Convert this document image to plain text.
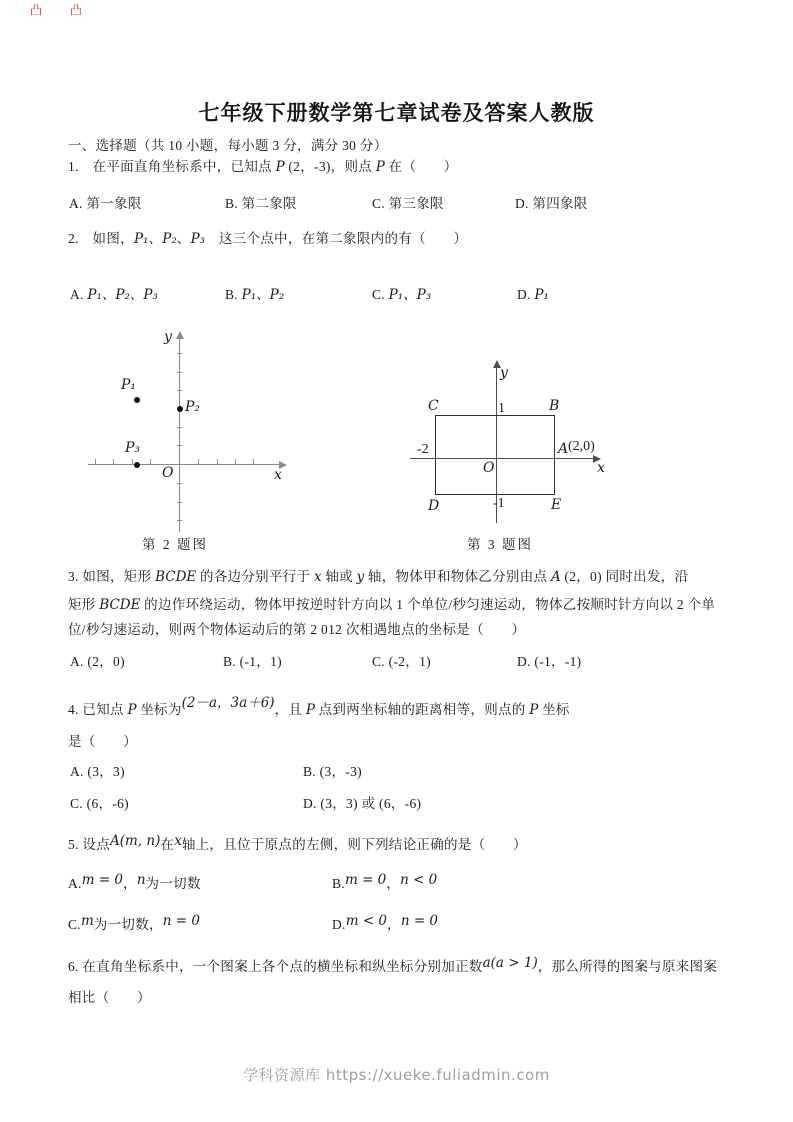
凸 凸
七年级下册数学第七章试卷及答案人教版
一、选择题（共 10 小题，每小题 3 分，满分 30 分）
1.　在平面直角坐标系中，已知点 P (2，-3)，则点 P 在（　　）
A. 第一象限	B. 第二象限	C. 第三象限	D. 第四象限
2.　如图，P₁、P₂、P₃　这三个点中，在第二象限内的有（　　）
A. P₁、P₂、P₃	B. P₁、P₂	C. P₁、P₃	D. P₁
y
x
O
P₁
P₂
P₃
第 2 题图
y
x
O
C	B
D	E
1
-1
-2	A (2,0)
第 3 题图
3. 如图，矩形 BCDE 的各边分别平行于 x 轴或 y 轴，物体甲和物体乙分别由点 A (2，0) 同时出发，沿
矩形 BCDE 的边作环绕运动，物体甲按逆时针方向以 1 个单位/秒匀速运动，物体乙按顺时针方向以 2 个单
位/秒匀速运动，则两个物体运动后的第 2 012 次相遇地点的坐标是（　　）
A. (2，0)	B. (-1，1)	C. (-2，1)	D. (-1，-1)
4. 已知点 P 坐标为(2－a，3a＋6)，且 P 点到两坐标轴的距离相等，则点的 P 坐标
是（　　）
A. (3，3)	B. (3，-3)
C. (6，-6)	D. (3，3) 或 (6，-6)
5. 设点A(m, n)在x轴上，且位于原点的左侧，则下列结论正确的是（　　）
A.m = 0，n为一切数	B.m = 0，n < 0
C.m为一切数，n = 0	D.m < 0，n = 0
6. 在直角坐标系中，一个图案上各个点的横坐标和纵坐标分别加正数a(a > 1)，那么所得的图案与原来图案
相比（　　）
学科资源库 https://xueke.fuliadmin.com
